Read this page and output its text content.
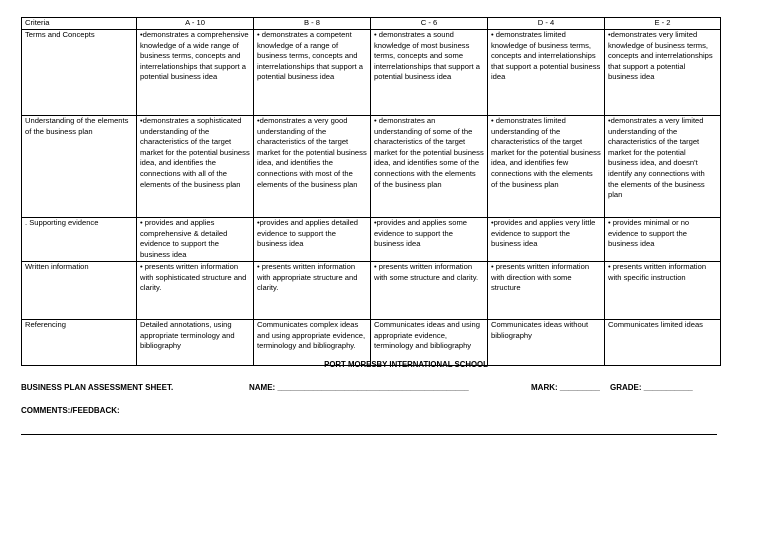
Criteria	A - 10	B - 8	C - 6	D - 4	E - 2
Terms and Concepts	•demonstrates a comprehensive knowledge of a wide range of business terms, concepts and interrelationships that support a potential business idea	• demonstrates a competent knowledge of a range of business terms, concepts and interrelationships that support a potential business idea	• demonstrates a sound knowledge of most business terms, concepts and some interrelationships that support a potential business idea	• demonstrates limited knowledge of business terms, concepts and interrelationships that support a potential business idea	•demonstrates very limited knowledge of business terms, concepts and interrelationships that support a potential business idea
Understanding of the elements of the business plan	•demonstrates a sophisticated understanding of the characteristics of the target market for the potential business idea, and identifies the connections with all of the elements of the business plan	•demonstrates a very good understanding of the characteristics of the target market for the potential business idea, and identifies the connections with most of the elements of the business plan	• demonstrates an understanding of some of the characteristics of the target market for the potential business idea, and identifies some of the connections with the elements of the business plan	• demonstrates limited understanding of the characteristics of the target market for the potential business idea, and identifies few connections with the elements of the business plan	•demonstrates a very limited understanding of the characteristics of the target market for the potential business idea, and doesn't identify any connections with the elements of the business plan
. Supporting evidence	• provides and applies comprehensive & detailed evidence to support the business idea	•provides and applies detailed evidence to support the business idea	•provides and applies some evidence to support the business idea	•provides and applies very little evidence to support the business idea	• provides minimal or no evidence to support the business idea
Written information	• presents written information with sophisticated structure and clarity.	• presents written information with appropriate structure and clarity.	• presents written information with some structure and clarity.	• presents written information with direction with some structure	• presents written information with specific instruction
Referencing	Detailed annotations, using appropriate terminology and bibliography	Communicates complex ideas and using appropriate evidence, terminology and bibliography.	Communicates ideas and using appropriate evidence, terminology and bibliography	Communicates ideas without bibliography	Communicates limited ideas
PORT MORESBY INTERNATIONAL SCHOOL
BUSINESS PLAN ASSESSMENT SHEET.	NAME: ___________________________________________	MARK: _________ GRADE: ___________
COMMENTS:/FEEDBACK:
